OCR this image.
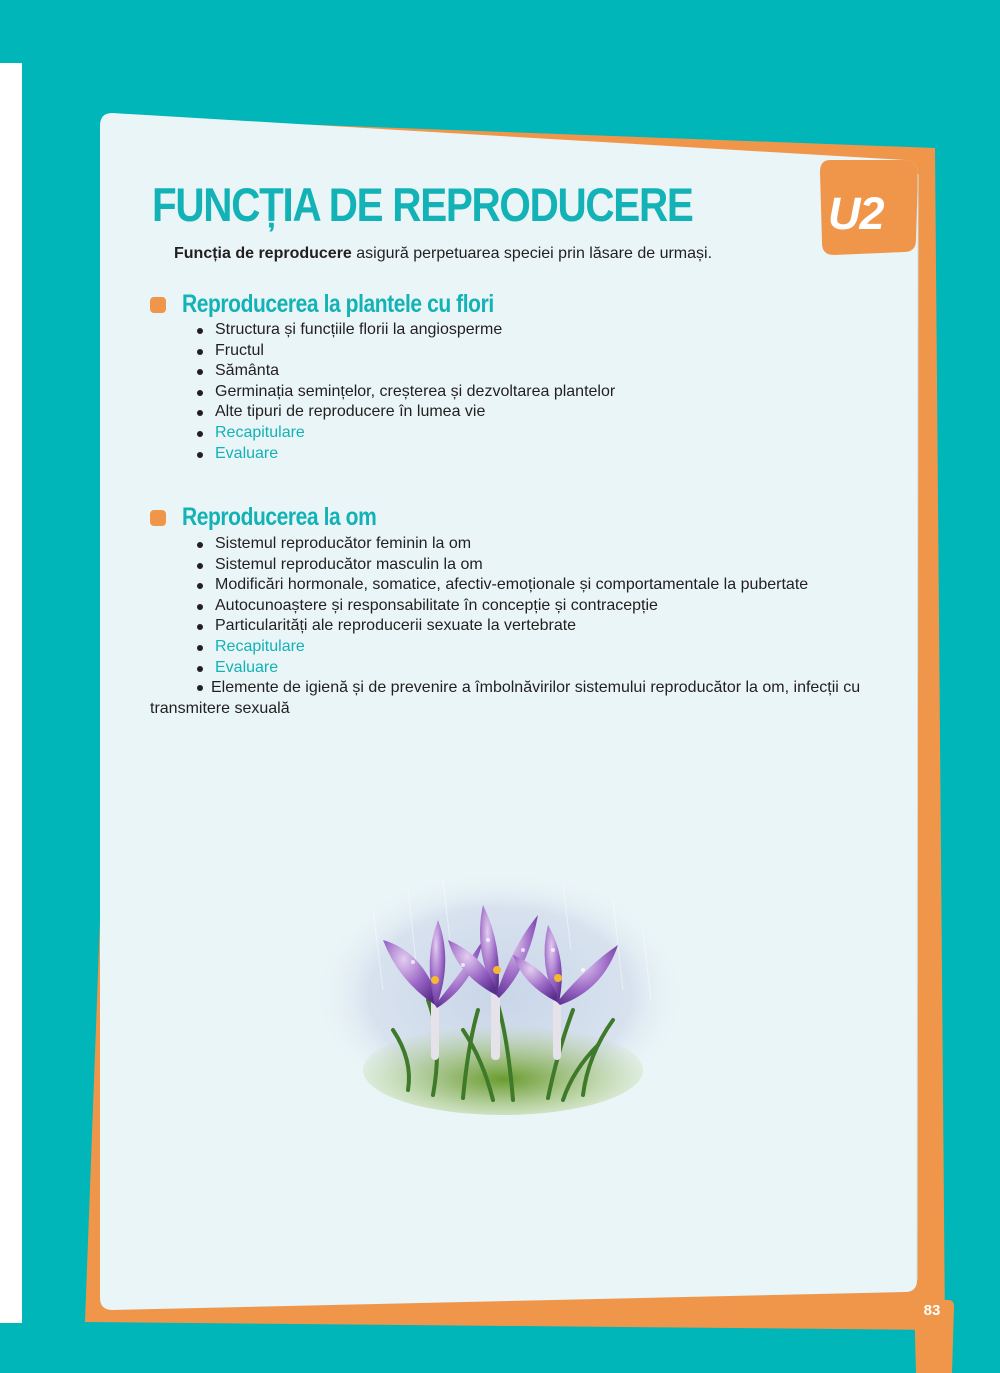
FUNCȚIA DE REPRODUCERE

Funcția de reproducere asigură perpetuarea speciei prin lăsare de urmași.

Reproducerea la plantele cu flori
Structura și funcțiile florii la angiosperme
Fructul
Sământa
Germinația semințelor, creșterea și dezvoltarea plantelor
Alte tipuri de reproducere în lumea vie
Recapitulare
Evaluare
Reproducerea la om
Sistemul reproducător feminin la om
Sistemul reproducător masculin la om
Modificări hormonale, somatice, afectiv-emoționale și comportamentale la pubertate
Autocunoaștere și responsabilitate în concepție și contracepție
Particularități ale reproducerii sexuate la vertebrate
Recapitulare
Evaluare

Elemente de igienă și de prevenire a îmbolnăvirilor sistemului reproducător la om, infecții cu transmitere sexuală

U2
83
